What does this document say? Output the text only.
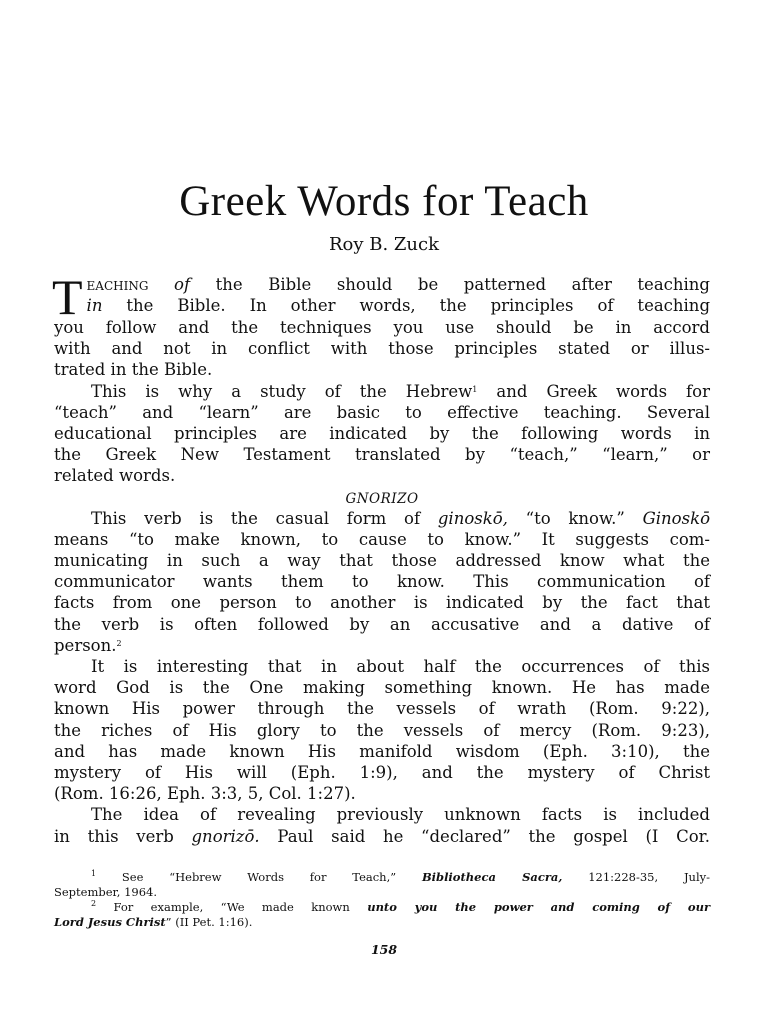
Greek Words for Teach
Roy B. Zuck
T eaching of the Bible should be patterned after teaching
in the Bible. In other words, the principles of teaching
you follow and the techniques you use should be in accord
with and not in conflict with those principles stated or illus-
trated in the Bible.
This is why a study of the Hebrew$^1$ and Greek words for
“teach” and “learn” are basic to effective teaching. Several
educational principles are indicated by the following words in
the Greek New Testament translated by “teach,” “learn,” or
related words.
GNORIZO
This verb is the casual form of ginoskō, “to know.” Ginoskō
means “to make known, to cause to know.” It suggests com-
municating in such a way that those addressed know what the
communicator wants them to know. This communication of
facts from one person to another is indicated by the fact that
the verb is often followed by an accusative and a dative of
person.$^2$
It is interesting that in about half the occurrences of this
word God is the One making something known. He has made
known His power through the vessels of wrath (Rom. 9:22),
the riches of His glory to the vessels of mercy (Rom. 9:23),
and has made known His manifold wisdom (Eph. 3:10), the
mystery of His will (Eph. 1:9), and the mystery of Christ
(Rom. 16:26, Eph. 3:3, 5, Col. 1:27).
The idea of revealing previously unknown facts is included
in this verb gnorizō. Paul said he “declared” the gospel (I Cor.
$^1$ See “Hebrew Words for Teach,” Bibliotheca Sacra, 121:228-35, July-
September, 1964.
$^2$ For example, “We made known unto you the power and coming of our
Lord Jesus Christ” (II Pet. 1:16).
158
